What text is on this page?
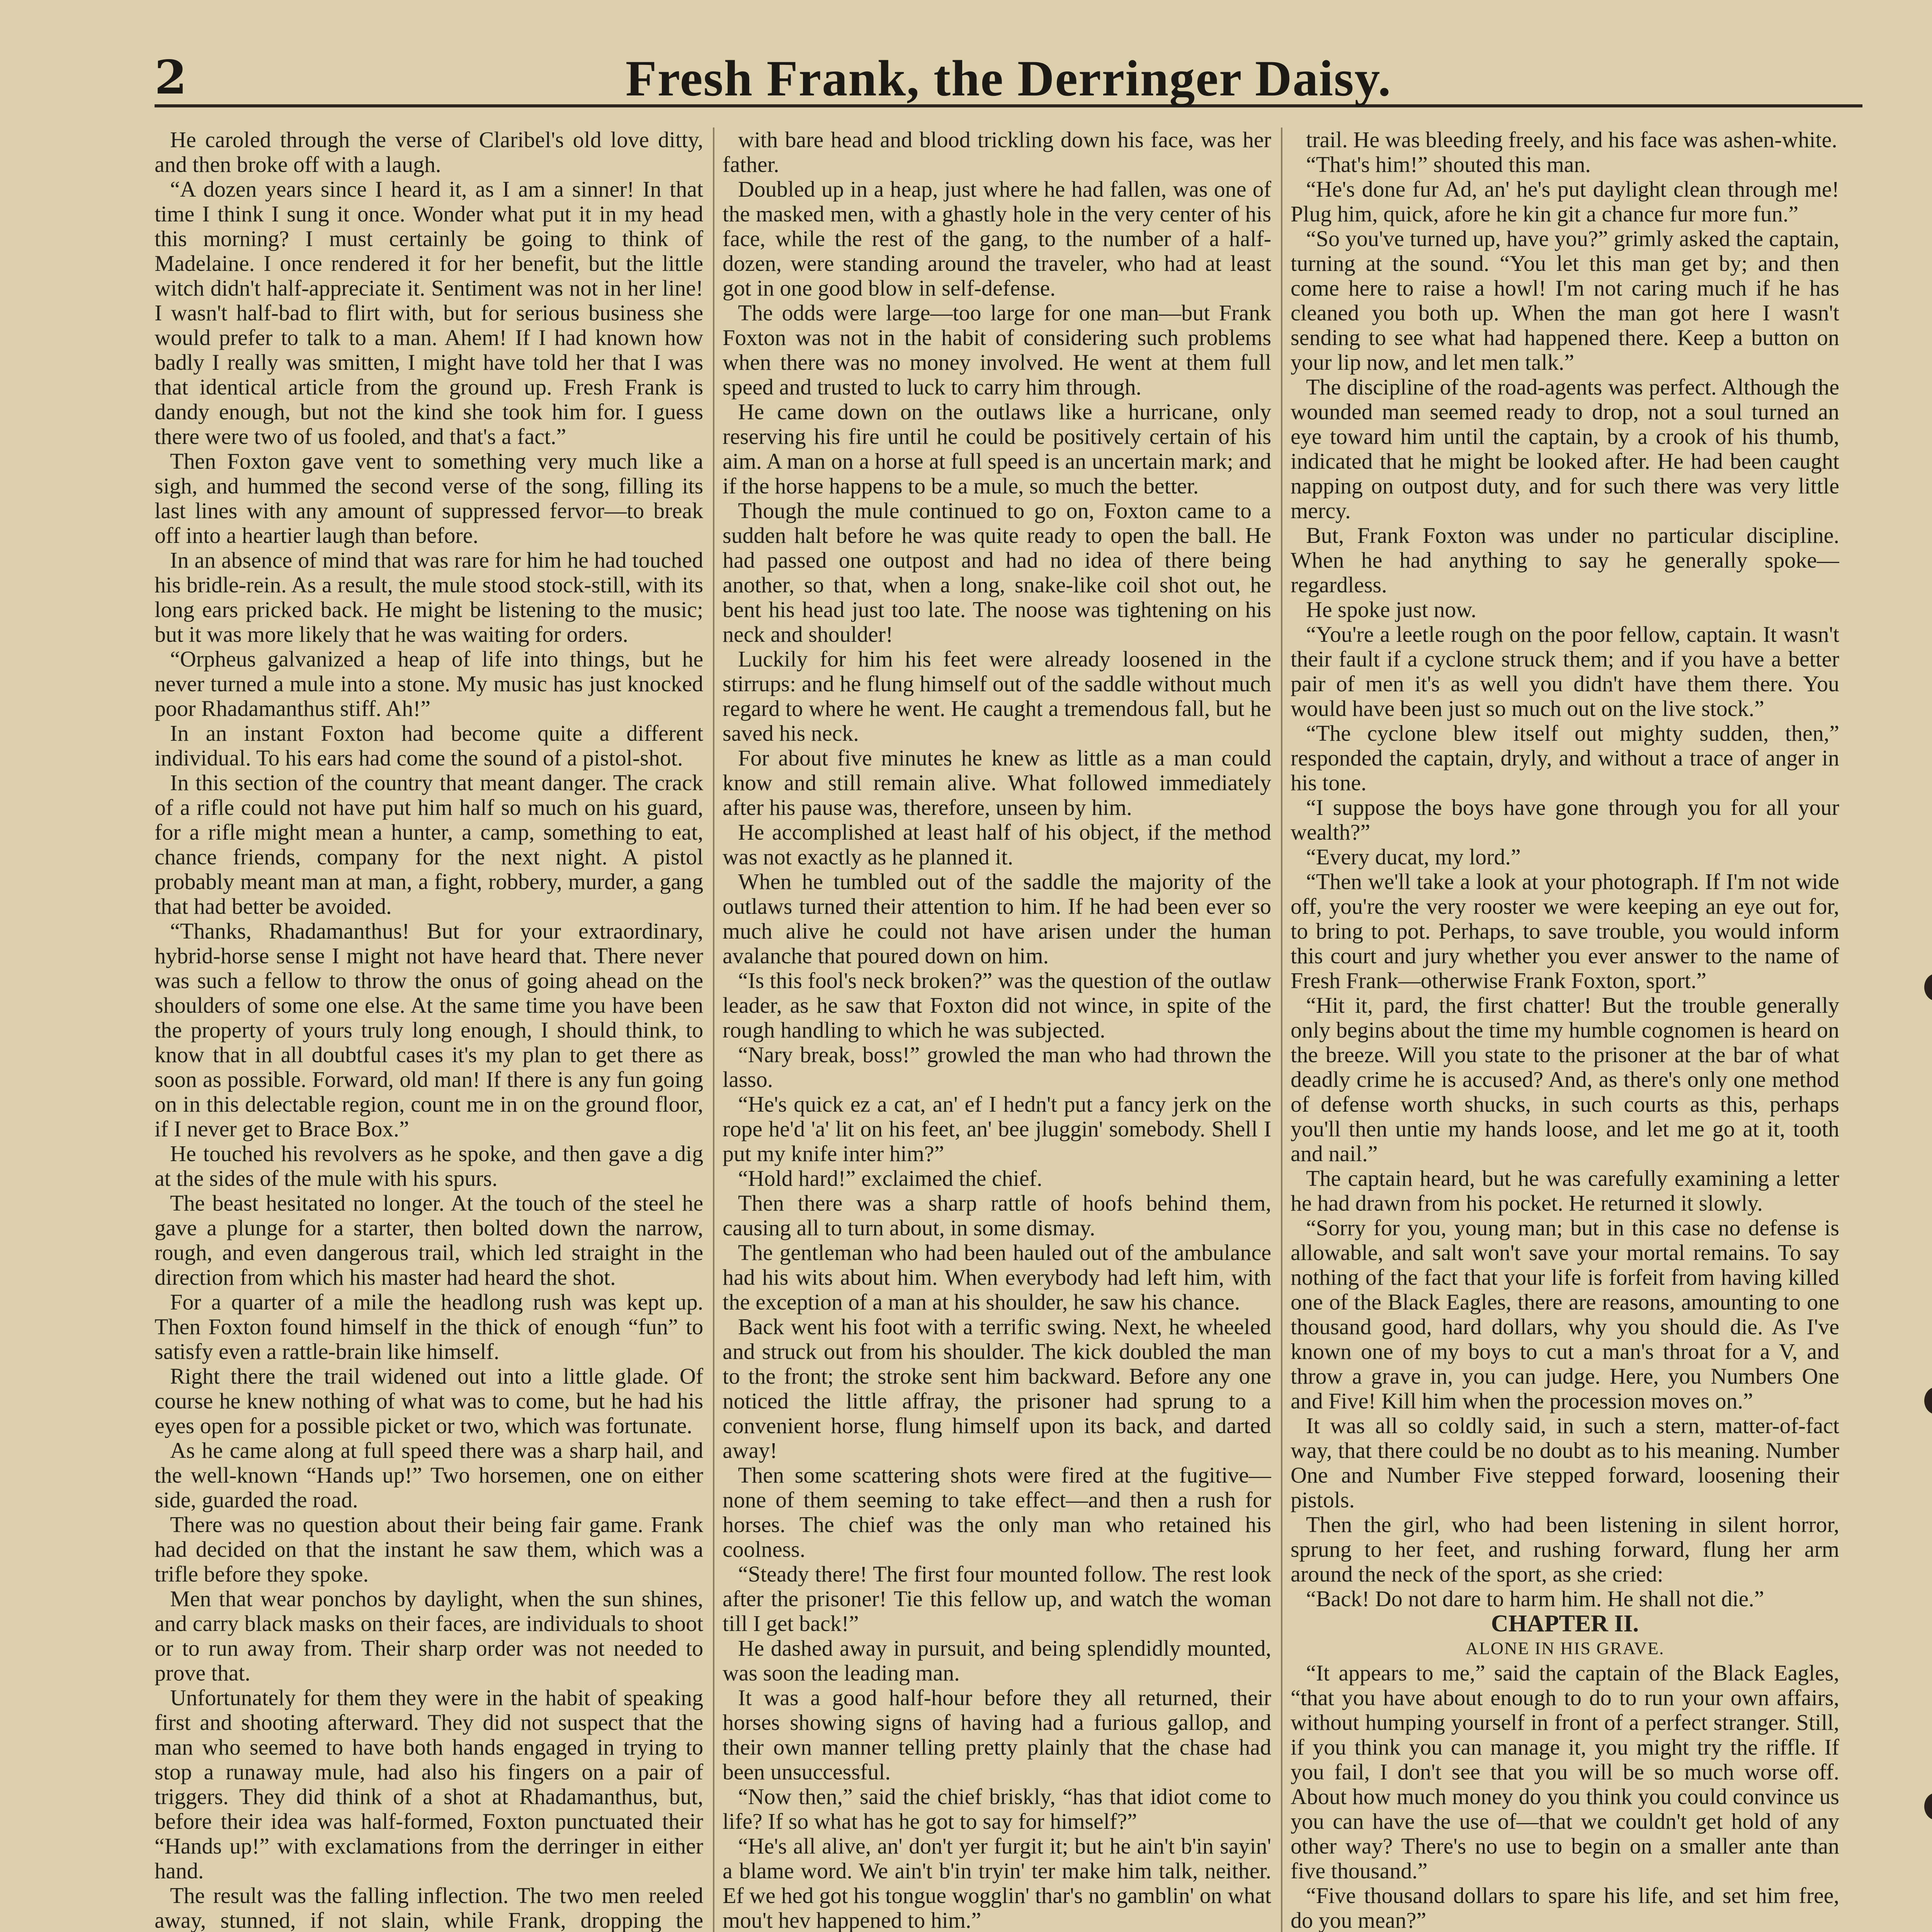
2	Fresh Frank, the Derringer Daisy.

He caroled through the verse of Claribel's old love ditty, and then broke off with a laugh.

“A dozen years since I heard it, as I am a sinner! In that time I think I sung it once. Wonder what put it in my head this morning? I must certainly be going to think of Madelaine. I once rendered it for her benefit, but the little witch didn't half-appreciate it. Sentiment was not in her line! I wasn't half-bad to flirt with, but for serious business she would prefer to talk to a man. Ahem! If I had known how badly I really was smitten, I might have told her that I was that identical article from the ground up. Fresh Frank is dandy enough, but not the kind she took him for. I guess there were two of us fooled, and that's a fact.”

Then Foxton gave vent to something very much like a sigh, and hummed the second verse of the song, filling its last lines with any amount of suppressed fervor—to break off into a heartier laugh than before.

In an absence of mind that was rare for him he had touched his bridle-rein. As a result, the mule stood stock-still, with its long ears pricked back. He might be listening to the music; but it was more likely that he was waiting for orders.

“Orpheus galvanized a heap of life into things, but he never turned a mule into a stone. My music has just knocked poor Rhadamanthus stiff. Ah!”

In an instant Foxton had become quite a different individual. To his ears had come the sound of a pistol-shot.

In this section of the country that meant danger. The crack of a rifle could not have put him half so much on his guard, for a rifle might mean a hunter, a camp, something to eat, chance friends, company for the next night. A pistol probably meant man at man, a fight, robbery, murder, a gang that had better be avoided.

“Thanks, Rhadamanthus! But for your extraordinary, hybrid-horse sense I might not have heard that. There never was such a fellow to throw the onus of going ahead on the shoulders of some one else. At the same time you have been the property of yours truly long enough, I should think, to know that in all doubtful cases it's my plan to get there as soon as possible. Forward, old man! If there is any fun going on in this delectable region, count me in on the ground floor, if I never get to Brace Box.”

He touched his revolvers as he spoke, and then gave a dig at the sides of the mule with his spurs.

The beast hesitated no longer. At the touch of the steel he gave a plunge for a starter, then bolted down the narrow, rough, and even dangerous trail, which led straight in the direction from which his master had heard the shot.

For a quarter of a mile the headlong rush was kept up. Then Foxton found himself in the thick of enough “fun” to satisfy even a rattle-brain like himself.

Right there the trail widened out into a little glade. Of course he knew nothing of what was to come, but he had his eyes open for a possible picket or two, which was fortunate.

As he came along at full speed there was a sharp hail, and the well-known “Hands up!” Two horsemen, one on either side, guarded the road.

There was no question about their being fair game. Frank had decided on that the instant he saw them, which was a trifle before they spoke.

Men that wear ponchos by daylight, when the sun shines, and carry black masks on their faces, are individuals to shoot or to run away from. Their sharp order was not needed to prove that.

Unfortunately for them they were in the habit of speaking first and shooting afterward. They did not suspect that the man who seemed to have both hands engaged in trying to stop a runaway mule, had also his fingers on a pair of triggers. They did think of a shot at Rhadamanthus, but, before their idea was half-formed, Foxton punctuated their “Hands up!” with exclamations from the derringer in either hand.

The result was the falling inflection. The two men reeled away, stunned, if not slain, while Frank, dropping the

with bare head and blood trickling down his face, was her father.

Doubled up in a heap, just where he had fallen, was one of the masked men, with a ghastly hole in the very center of his face, while the rest of the gang, to the number of a half-dozen, were standing around the traveler, who had at least got in one good blow in self-defense.

The odds were large—too large for one man—but Frank Foxton was not in the habit of considering such problems when there was no money involved. He went at them full speed and trusted to luck to carry him through.

He came down on the outlaws like a hurricane, only reserving his fire until he could be positively certain of his aim. A man on a horse at full speed is an uncertain mark; and if the horse happens to be a mule, so much the better.

Though the mule continued to go on, Foxton came to a sudden halt before he was quite ready to open the ball. He had passed one outpost and had no idea of there being another, so that, when a long, snake-like coil shot out, he bent his head just too late. The noose was tightening on his neck and shoulder!

Luckily for him his feet were already loosened in the stirrups: and he flung himself out of the saddle without much regard to where he went. He caught a tremendous fall, but he saved his neck.

For about five minutes he knew as little as a man could know and still remain alive. What followed immediately after his pause was, therefore, unseen by him.

He accomplished at least half of his object, if the method was not exactly as he planned it.

When he tumbled out of the saddle the majority of the outlaws turned their attention to him. If he had been ever so much alive he could not have arisen under the human avalanche that poured down on him.

“Is this fool's neck broken?” was the question of the outlaw leader, as he saw that Foxton did not wince, in spite of the rough handling to which he was subjected.

“Nary break, boss!” growled the man who had thrown the lasso.

“He's quick ez a cat, an' ef I hedn't put a fancy jerk on the rope he'd 'a' lit on his feet, an' bee jluggin' somebody. Shell I put my knife inter him?”

“Hold hard!” exclaimed the chief.

Then there was a sharp rattle of hoofs behind them, causing all to turn about, in some dismay.

The gentleman who had been hauled out of the ambulance had his wits about him. When everybody had left him, with the exception of a man at his shoulder, he saw his chance.

Back went his foot with a terrific swing. Next, he wheeled and struck out from his shoulder. The kick doubled the man to the front; the stroke sent him backward. Before any one noticed the little affray, the prisoner had sprung to a convenient horse, flung himself upon its back, and darted away!

Then some scattering shots were fired at the fugitive—none of them seeming to take effect—and then a rush for horses. The chief was the only man who retained his coolness.

“Steady there! The first four mounted follow. The rest look after the prisoner! Tie this fellow up, and watch the woman till I get back!”

He dashed away in pursuit, and being splendidly mounted, was soon the leading man.

It was a good half-hour before they all returned, their horses showing signs of having had a furious gallop, and their own manner telling pretty plainly that the chase had been unsuccessful.

“Now then,” said the chief briskly, “has that idiot come to life? If so what has he got to say for himself?”

“He's all alive, an' don't yer furgit it; but he ain't b'in sayin' a blame word. We ain't b'in tryin' ter make him talk, neither. Ef we hed got his tongue wogglin' thar's no gamblin' on what mou't hev happened to him.”

trail. He was bleeding freely, and his face was ashen-white.

“That's him!” shouted this man.

“He's done fur Ad, an' he's put daylight clean through me! Plug him, quick, afore he kin git a chance fur more fun.”

“So you've turned up, have you?” grimly asked the captain, turning at the sound. “You let this man get by; and then come here to raise a howl! I'm not caring much if he has cleaned you both up. When the man got here I wasn't sending to see what had happened there. Keep a button on your lip now, and let men talk.”

The discipline of the road-agents was perfect. Although the wounded man seemed ready to drop, not a soul turned an eye toward him until the captain, by a crook of his thumb, indicated that he might be looked after. He had been caught napping on outpost duty, and for such there was very little mercy.

But, Frank Foxton was under no particular discipline. When he had anything to say he generally spoke—regardless.

He spoke just now.

“You're a leetle rough on the poor fellow, captain. It wasn't their fault if a cyclone struck them; and if you have a better pair of men it's as well you didn't have them there. You would have been just so much out on the live stock.”

“The cyclone blew itself out mighty sudden, then,” responded the captain, dryly, and without a trace of anger in his tone.

“I suppose the boys have gone through you for all your wealth?”

“Every ducat, my lord.”

“Then we'll take a look at your photograph. If I'm not wide off, you're the very rooster we were keeping an eye out for, to bring to pot. Perhaps, to save trouble, you would inform this court and jury whether you ever answer to the name of Fresh Frank—otherwise Frank Foxton, sport.”

“Hit it, pard, the first chatter! But the trouble generally only begins about the time my humble cognomen is heard on the breeze. Will you state to the prisoner at the bar of what deadly crime he is accused? And, as there's only one method of defense worth shucks, in such courts as this, perhaps you'll then untie my hands loose, and let me go at it, tooth and nail.”

The captain heard, but he was carefully examining a letter he had drawn from his pocket. He returned it slowly.

“Sorry for you, young man; but in this case no defense is allowable, and salt won't save your mortal remains. To say nothing of the fact that your life is forfeit from having killed one of the Black Eagles, there are reasons, amounting to one thousand good, hard dollars, why you should die. As I've known one of my boys to cut a man's throat for a V, and throw a grave in, you can judge. Here, you Numbers One and Five! Kill him when the procession moves on.”

It was all so coldly said, in such a stern, matter-of-fact way, that there could be no doubt as to his meaning. Number One and Number Five stepped forward, loosening their pistols.

Then the girl, who had been listening in silent horror, sprung to her feet, and rushing forward, flung her arm around the neck of the sport, as she cried:

“Back! Do not dare to harm him. He shall not die.”

CHAPTER II.

ALONE IN HIS GRAVE.

“It appears to me,” said the captain of the Black Eagles, “that you have about enough to do to run your own affairs, without humping yourself in front of a perfect stranger. Still, if you think you can manage it, you might try the riffle. If you fail, I don't see that you will be so much worse off. About how much money do you think you could convince us you can have the use of—that we couldn't get hold of any other way? There's no use to begin on a smaller ante than five thousand.”

“Five thousand dollars to spare his life, and set him free, do you mean?”
